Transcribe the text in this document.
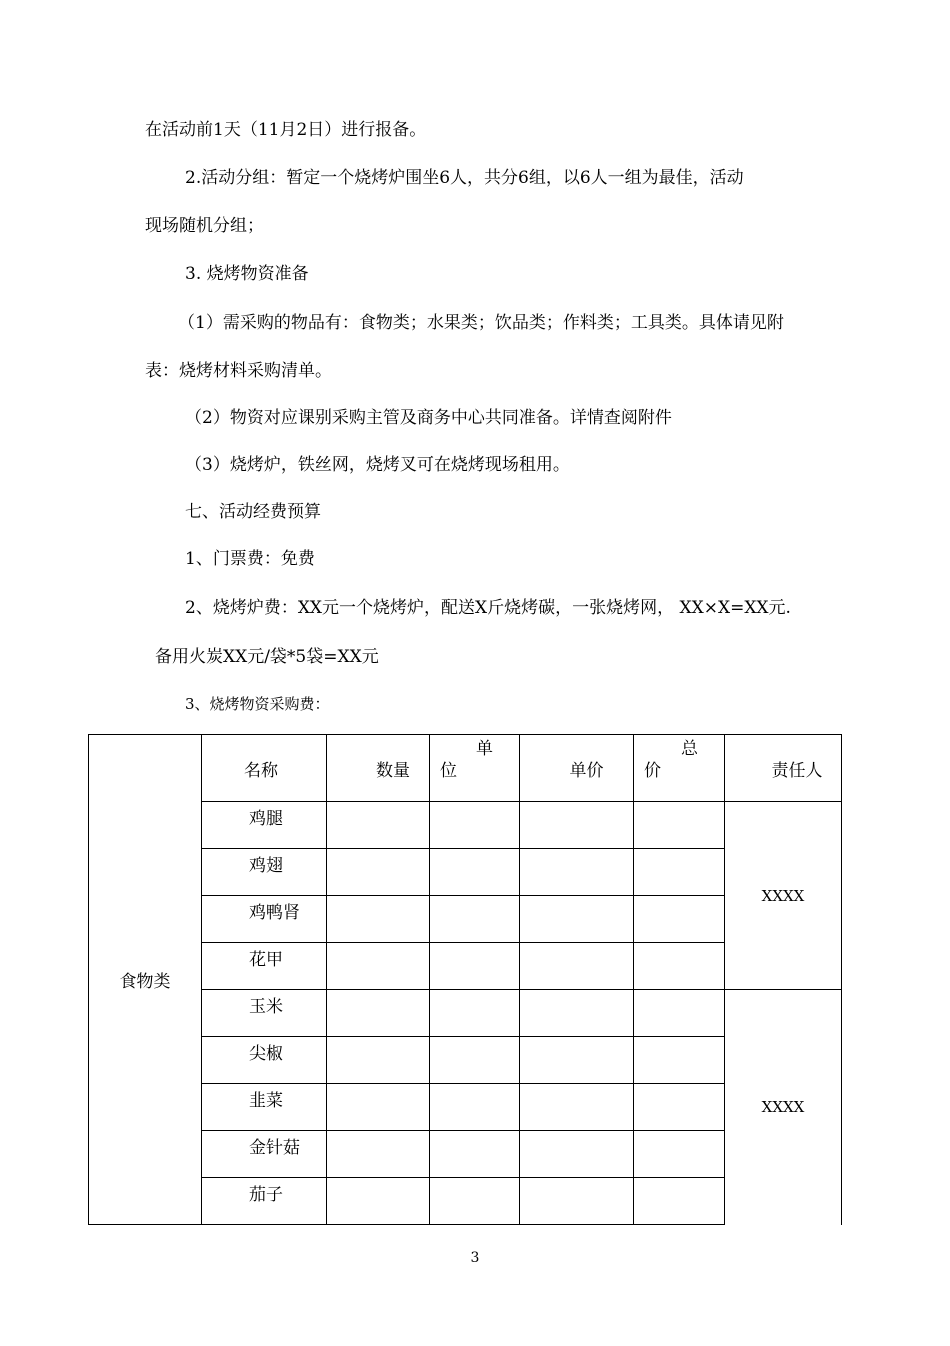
在活动前1天（11月2日）进行报备。
2.活动分组：暂定一个烧烤炉围坐6人，共分6组，以6人一组为最佳，活动
现场随机分组；
3. 烧烤物资准备
（1）需采购的物品有：食物类；水果类；饮品类；作料类；工具类。具体请见附
表：烧烤材料采购清单。
（2）物资对应课别采购主管及商务中心共同准备。详情查阅附件
（3）烧烤炉，铁丝网，烧烤叉可在烧烤现场租用。
七、活动经费预算
1、门票费：免费
2、烧烤炉费：XX元一个烧烤炉，配送X斤烧烤碳，一张烧烤网， XX×X=XX元.
备用火炭XX元/袋*5袋=XX元
3、烧烤物资采购费：
食物类	名称	数量	单
位	单价	总
价	责任人
	鸡腿					XXXX
	鸡翅					
	鸡鸭肾					
	花甲					
	玉米					XXXX
	尖椒					
	韭菜					
	金针菇					
	茄子					
3
